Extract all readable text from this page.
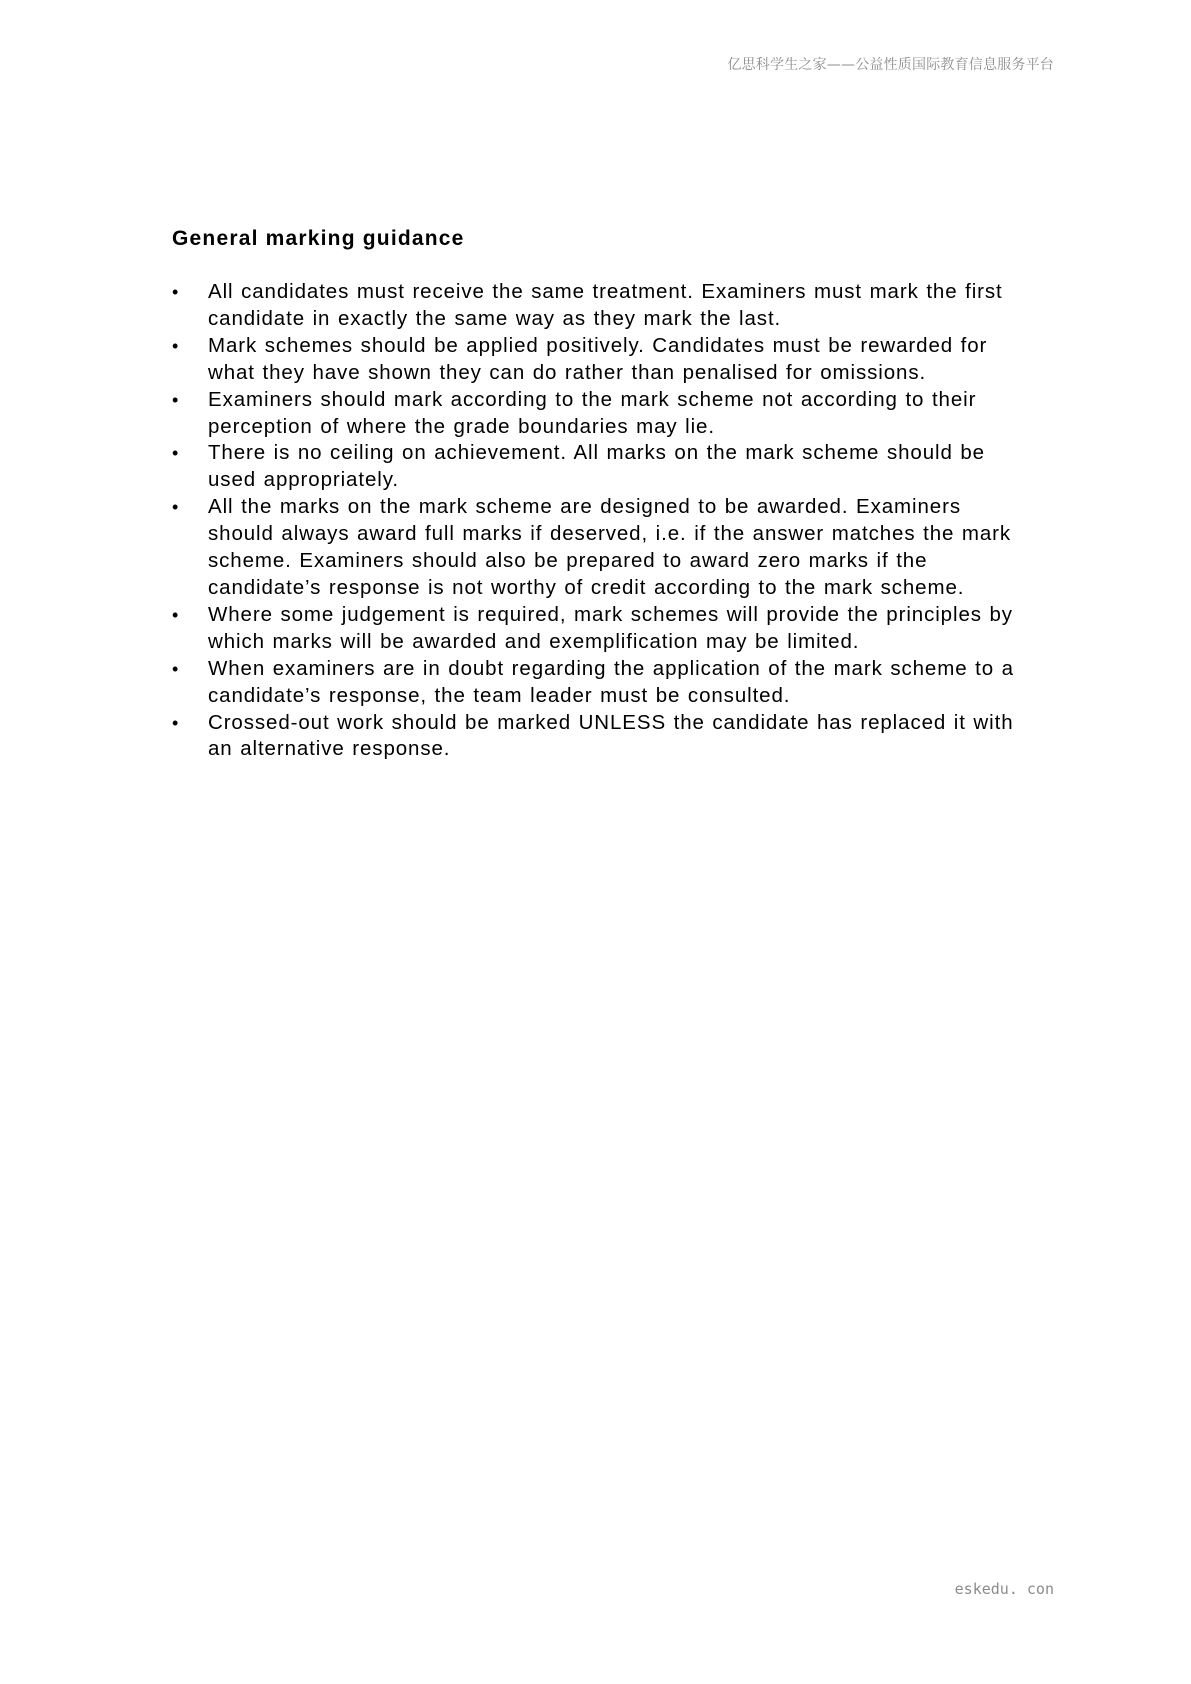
亿思科学生之家——公益性质国际教育信息服务平台
General marking guidance
•	All candidates must receive the same treatment. Examiners must mark the first candidate in exactly the same way as they mark the last.
•	Mark schemes should be applied positively. Candidates must be rewarded for what they have shown they can do rather than penalised for omissions.
•	Examiners should mark according to the mark scheme not according to their perception of where the grade boundaries may lie.
•	There is no ceiling on achievement. All marks on the mark scheme should be used appropriately.
•	All the marks on the mark scheme are designed to be awarded. Examiners should always award full marks if deserved, i.e. if the answer matches the mark scheme. Examiners should also be prepared to award zero marks if the candidate’s response is not worthy of credit according to the mark scheme.
•	Where some judgement is required, mark schemes will provide the principles by which marks will be awarded and exemplification may be limited.
•	When examiners are in doubt regarding the application of the mark scheme to a candidate’s response, the team leader must be consulted.
•	Crossed-out work should be marked UNLESS the candidate has replaced it with an alternative response.
eskedu. con
